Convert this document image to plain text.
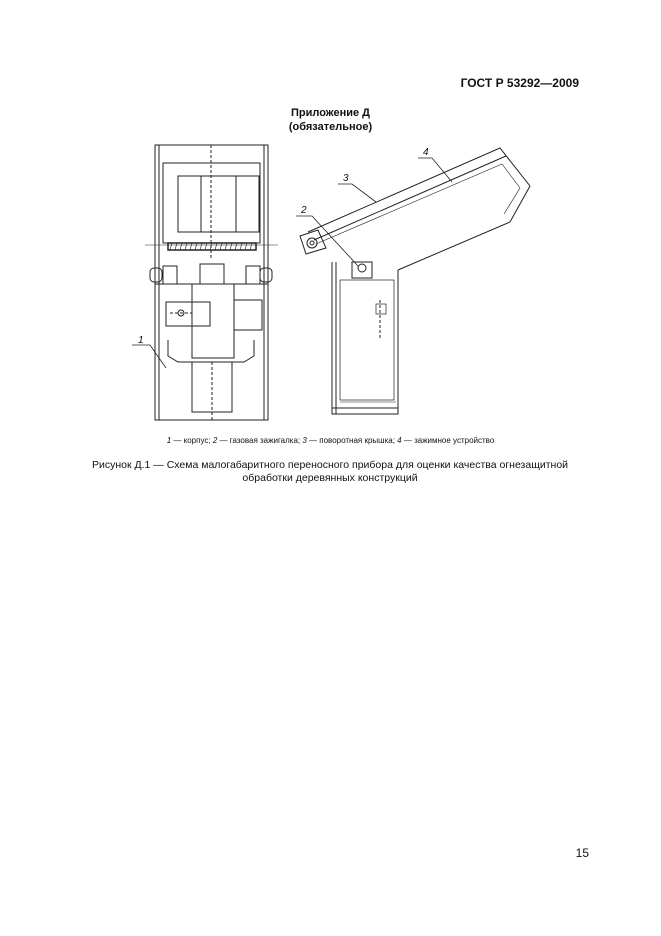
ГОСТ Р 53292—2009
Приложение Д
(обязательное)
1
2
3
4
1 — корпус; 2 — газовая зажигалка; 3 — поворотная крышка; 4 — зажимное устройство
Рисунок Д.1 — Схема малогабаритного переносного прибора для оценки качества огнезащитной
обработки деревянных конструкций
15
